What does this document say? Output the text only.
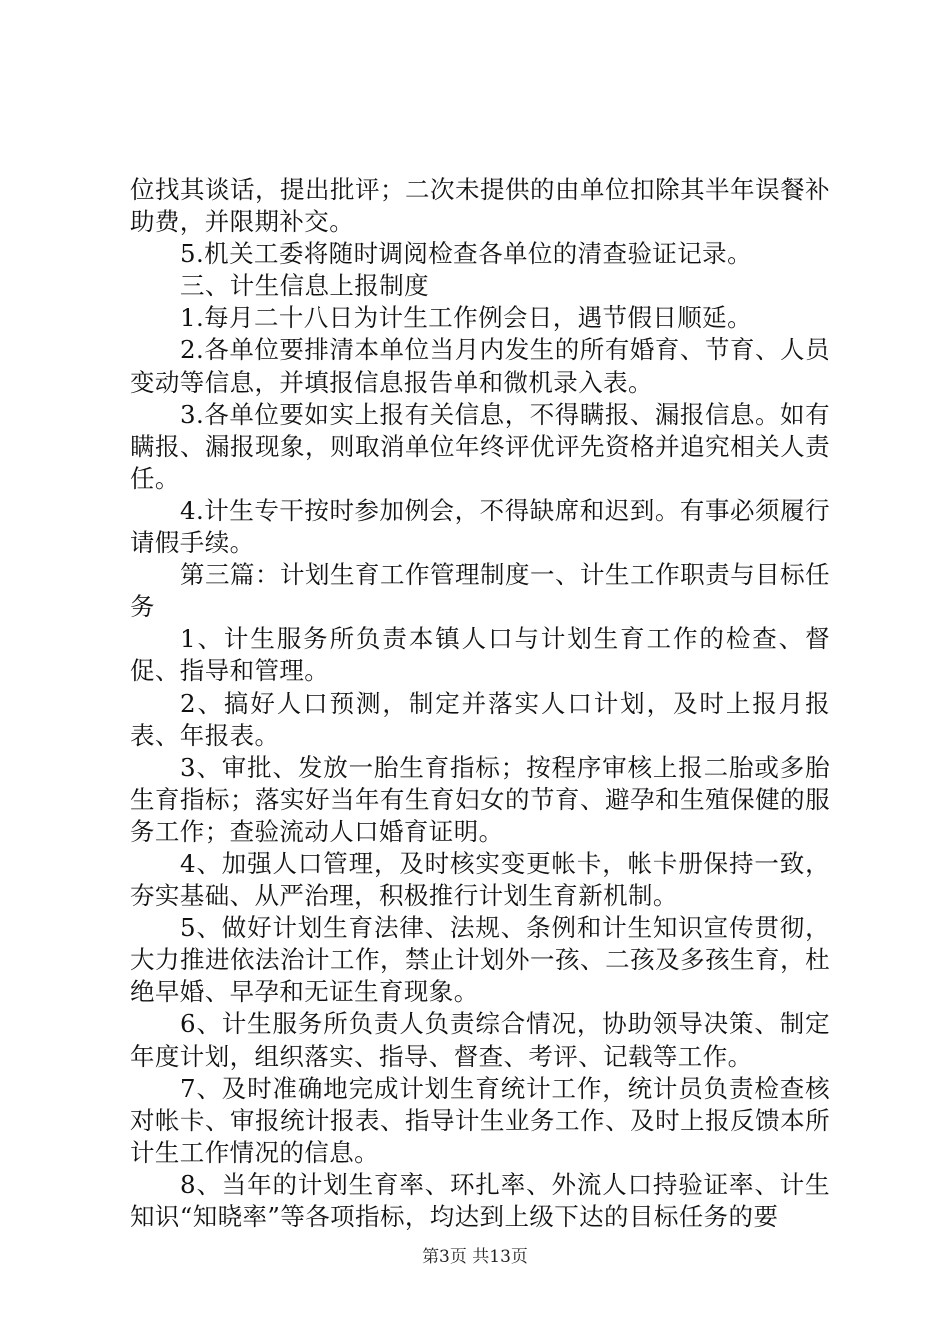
位找其谈话，提出批评；二次未提供的由单位扣除其半年误餐补助费，并限期补交。

5.机关工委将随时调阅检查各单位的清查验证记录。

三、计生信息上报制度

1.每月二十八日为计生工作例会日，遇节假日顺延。

2.各单位要排清本单位当月内发生的所有婚育、节育、人员变动等信息，并填报信息报告单和微机录入表。

3.各单位要如实上报有关信息，不得瞒报、漏报信息。如有瞒报、漏报现象，则取消单位年终评优评先资格并追究相关人责任。

4.计生专干按时参加例会，不得缺席和迟到。有事必须履行请假手续。

第三篇：计划生育工作管理制度一、计生工作职责与目标任务

1、计生服务所负责本镇人口与计划生育工作的检查、督促、指导和管理。

2、搞好人口预测，制定并落实人口计划，及时上报月报表、年报表。

3、审批、发放一胎生育指标；按程序审核上报二胎或多胎生育指标；落实好当年有生育妇女的节育、避孕和生殖保健的服务工作；查验流动人口婚育证明。

4、加强人口管理，及时核实变更帐卡，帐卡册保持一致，夯实基础、从严治理，积极推行计划生育新机制。

5、做好计划生育法律、法规、条例和计生知识宣传贯彻，大力推进依法治计工作，禁止计划外一孩、二孩及多孩生育，杜绝早婚、早孕和无证生育现象。

6、计生服务所负责人负责综合情况，协助领导决策、制定年度计划，组织落实、指导、督查、考评、记载等工作。

7、及时准确地完成计划生育统计工作，统计员负责检查核对帐卡、审报统计报表、指导计生业务工作、及时上报反馈本所计生工作情况的信息。

8、当年的计划生育率、环扎率、外流人口持验证率、计生知识“知晓率”等各项指标，均达到上级下达的目标任务的要

第3页 共13页
